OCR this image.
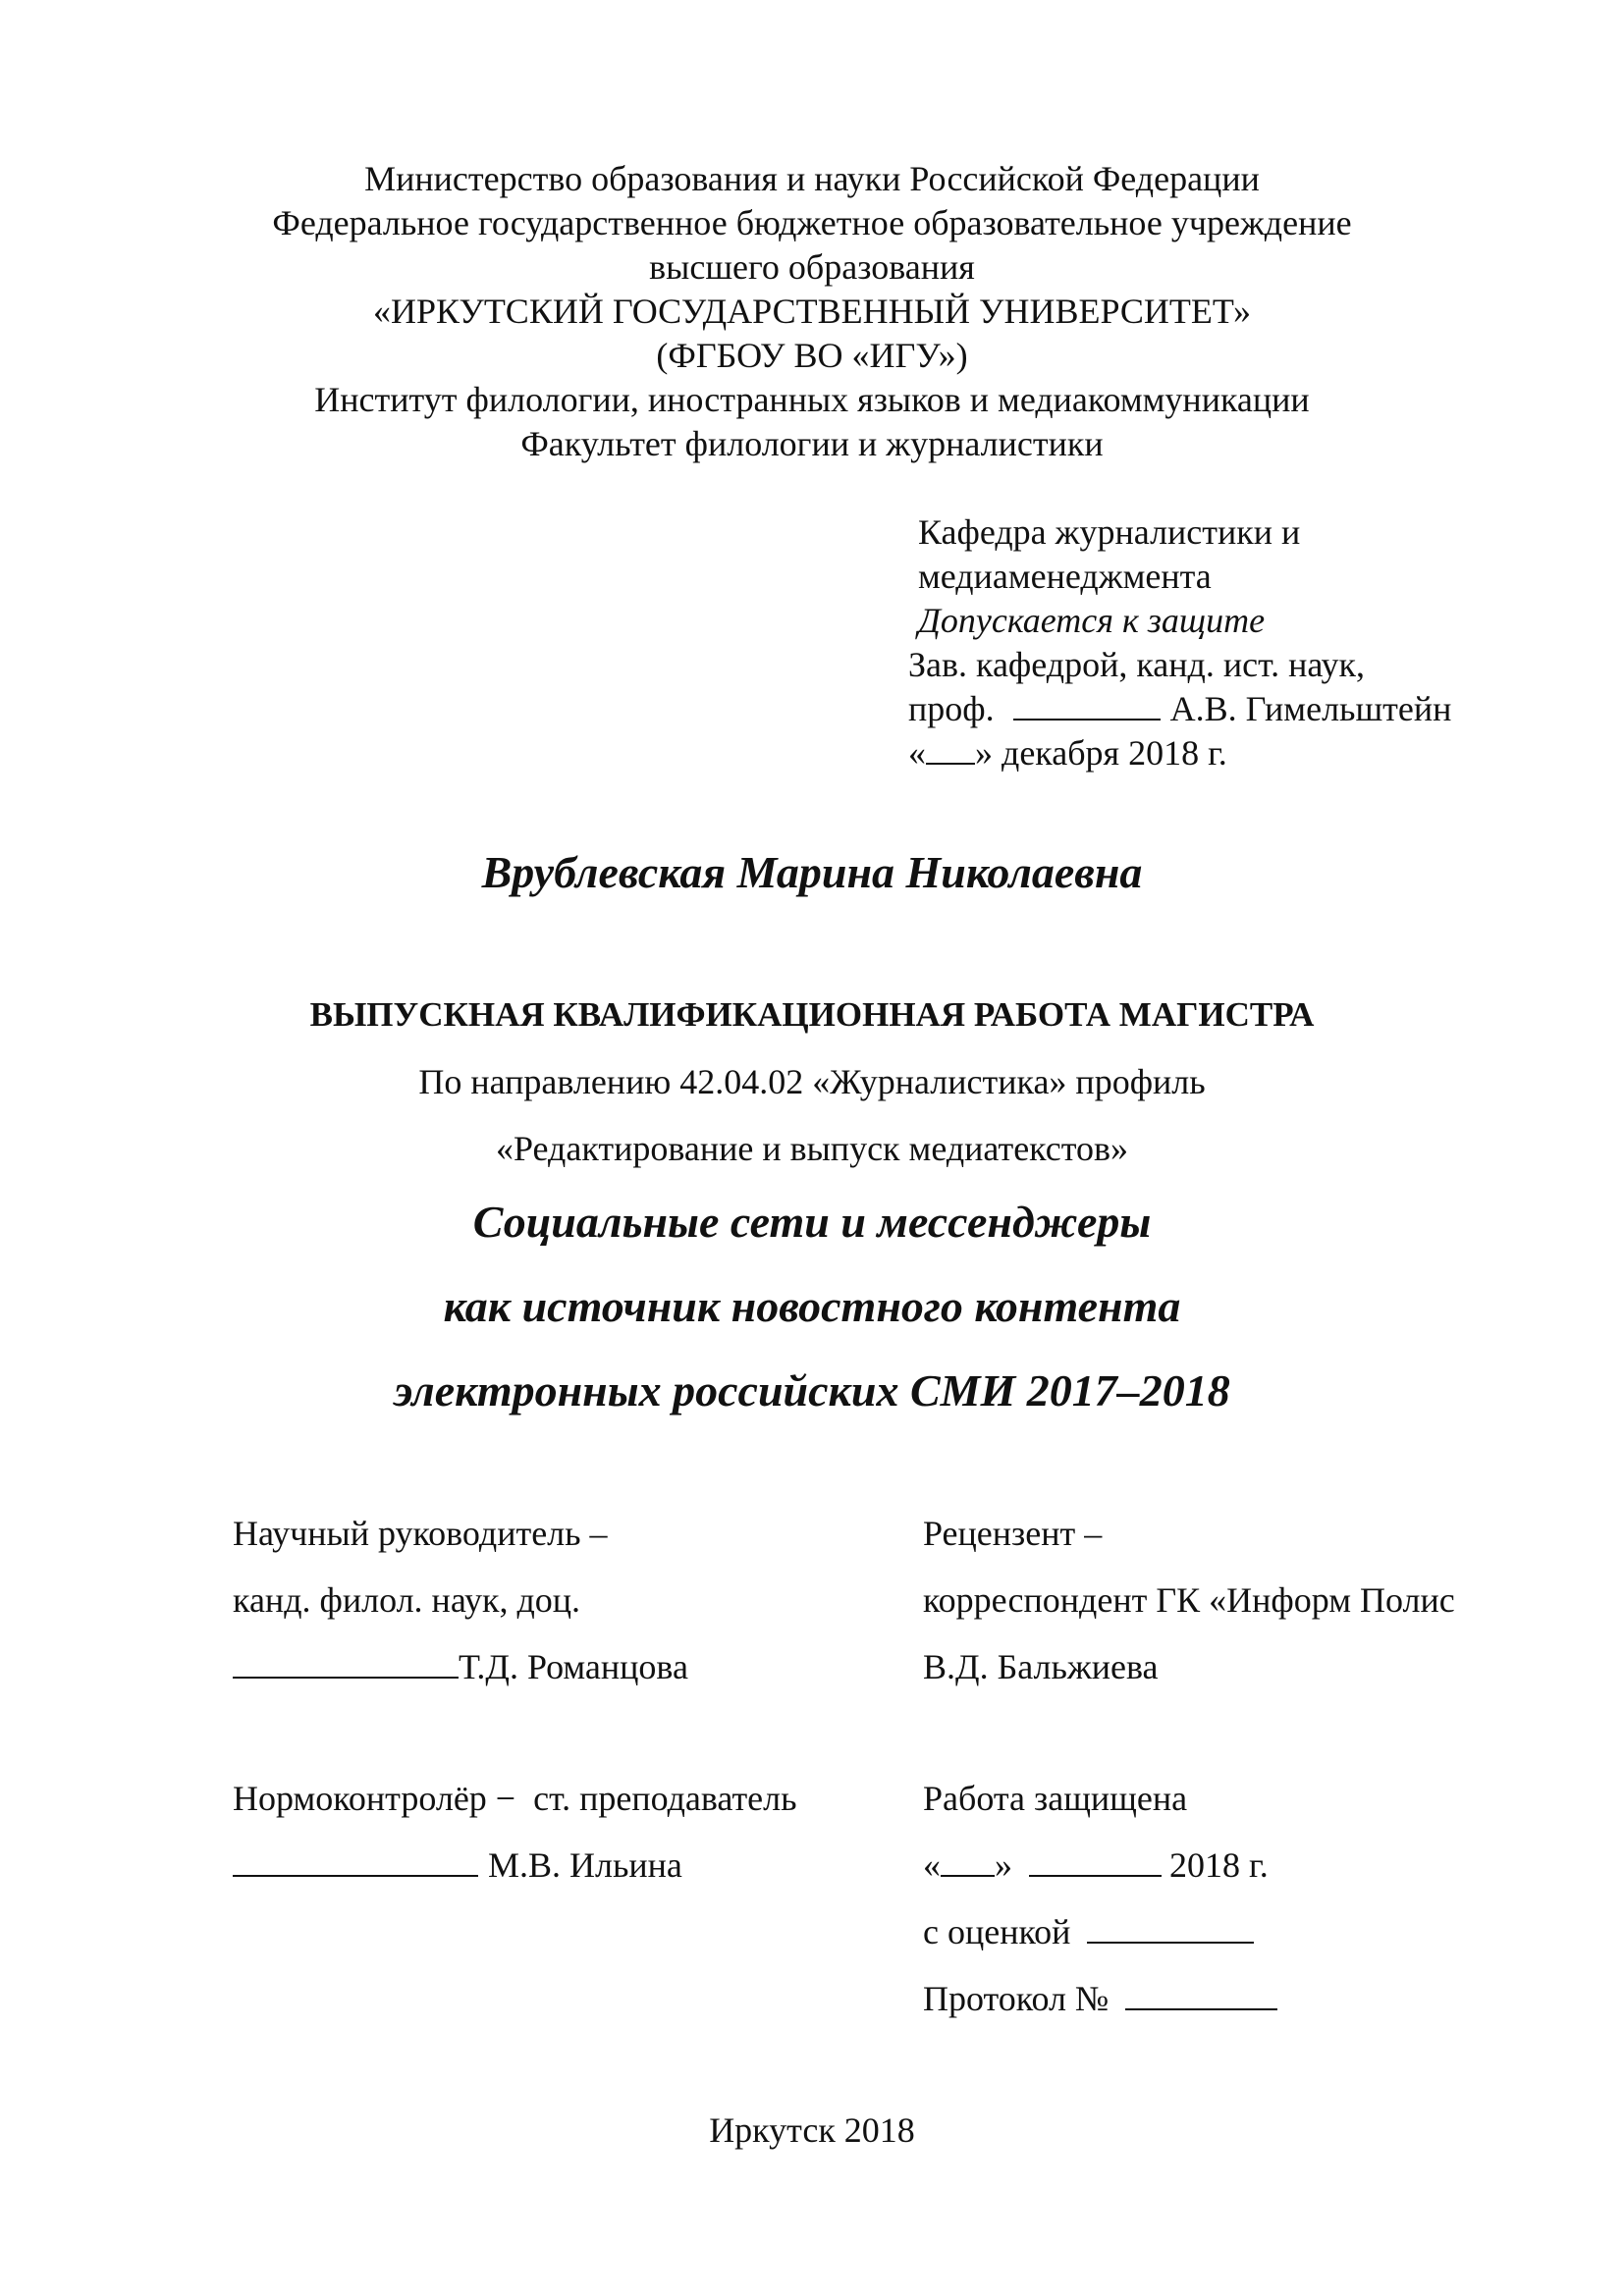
Министерство образования и науки Российской Федерации
Федеральное государственное бюджетное образовательное учреждение
высшего образования
«ИРКУТСКИЙ ГОСУДАРСТВЕННЫЙ УНИВЕРСИТЕТ»
(ФГБОУ ВО «ИГУ»)
Институт филологии, иностранных языков и медиакоммуникации
Факультет филологии и журналистики
Кафедра журналистики и
медиаменеджмента
Допускается к защите
Зав. кафедрой, канд. ист. наук,
проф.	А.В. Гимельштейн
« » декабря 2018 г.
Врублевская Марина Николаевна
ВЫПУСКНАЯ КВАЛИФИКАЦИОННАЯ РАБОТА МАГИСТРА
По направлению 42.04.02 «Журналистика» профиль
«Редактирование и выпуск медиатекстов»
Социальные сети и мессенджеры
как источник новостного контента
электронных российских СМИ 2017–2018
Научный руководитель –
канд. филол. наук, доц.
Т.Д. Романцова
Рецензент –
корреспондент ГК «Информ Полис
В.Д. Бальжиева
Нормоконтролёр −  ст. преподаватель
М.В. Ильина
Работа защищена
« »	2018 г.
с оценкой
Протокол №
Иркутск 2018
